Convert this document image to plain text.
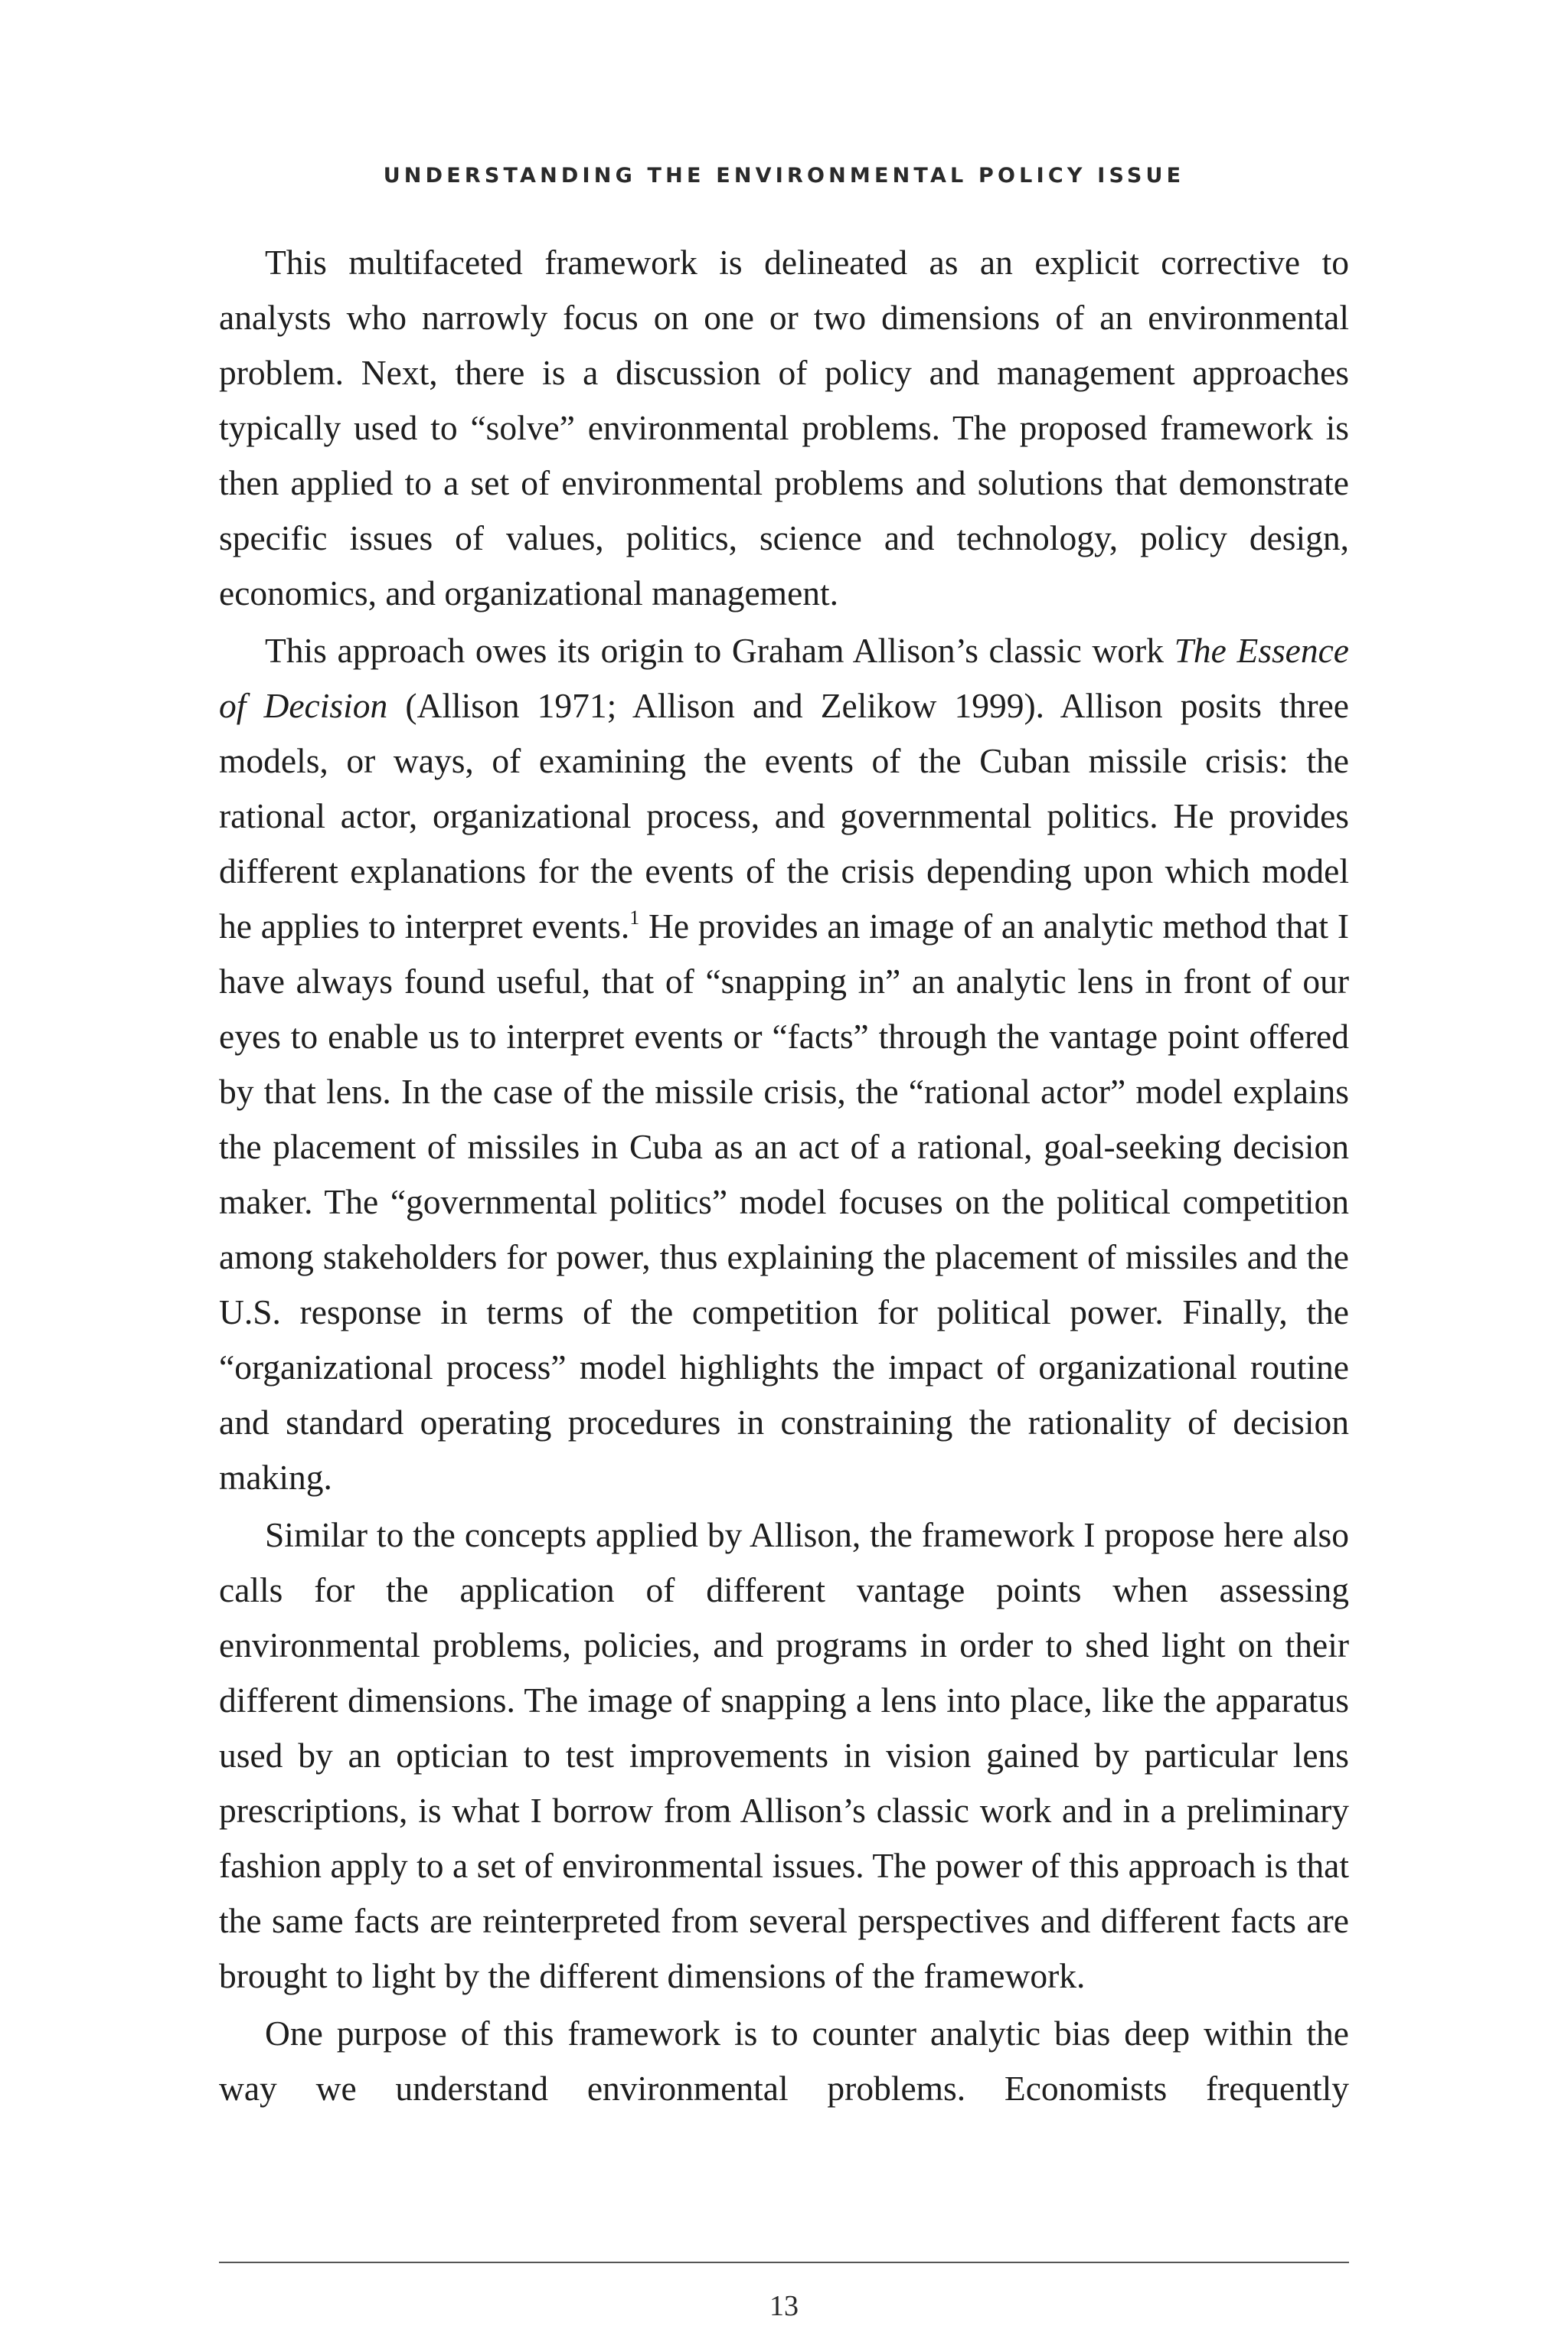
UNDERSTANDING THE ENVIRONMENTAL POLICY ISSUE

This multifaceted framework is delineated as an explicit corrective to analysts who narrowly focus on one or two dimensions of an environmental problem. Next, there is a discussion of policy and management approaches typically used to “solve” environmental problems. The proposed framework is then applied to a set of environmental problems and solutions that demonstrate specific issues of values, politics, science and technology, policy design, economics, and organizational management.

This approach owes its origin to Graham Allison’s classic work The Essence of Decision (Allison 1971; Allison and Zelikow 1999). Allison posits three models, or ways, of examining the events of the Cuban missile crisis: the rational actor, organizational process, and governmental politics. He provides different explanations for the events of the crisis depending upon which model he applies to interpret events.$^1$ He provides an image of an analytic method that I have always found useful, that of “snapping in” an analytic lens in front of our eyes to enable us to interpret events or “facts” through the vantage point offered by that lens. In the case of the missile crisis, the “rational actor” model explains the placement of missiles in Cuba as an act of a rational, goal-seeking decision maker. The “governmental politics” model focuses on the political competition among stakeholders for power, thus explaining the placement of missiles and the U.S. response in terms of the competition for political power. Finally, the “organizational process” model highlights the impact of organizational routine and standard operating procedures in constraining the rationality of decision making.

Similar to the concepts applied by Allison, the framework I propose here also calls for the application of different vantage points when assessing environmental problems, policies, and programs in order to shed light on their different dimensions. The image of snapping a lens into place, like the apparatus used by an optician to test improvements in vision gained by particular lens prescriptions, is what I borrow from Allison’s classic work and in a preliminary fashion apply to a set of environmental issues. The power of this approach is that the same facts are reinterpreted from several perspectives and different facts are brought to light by the different dimensions of the framework.

One purpose of this framework is to counter analytic bias deep within the way we understand environmental problems. Economists frequently

13
